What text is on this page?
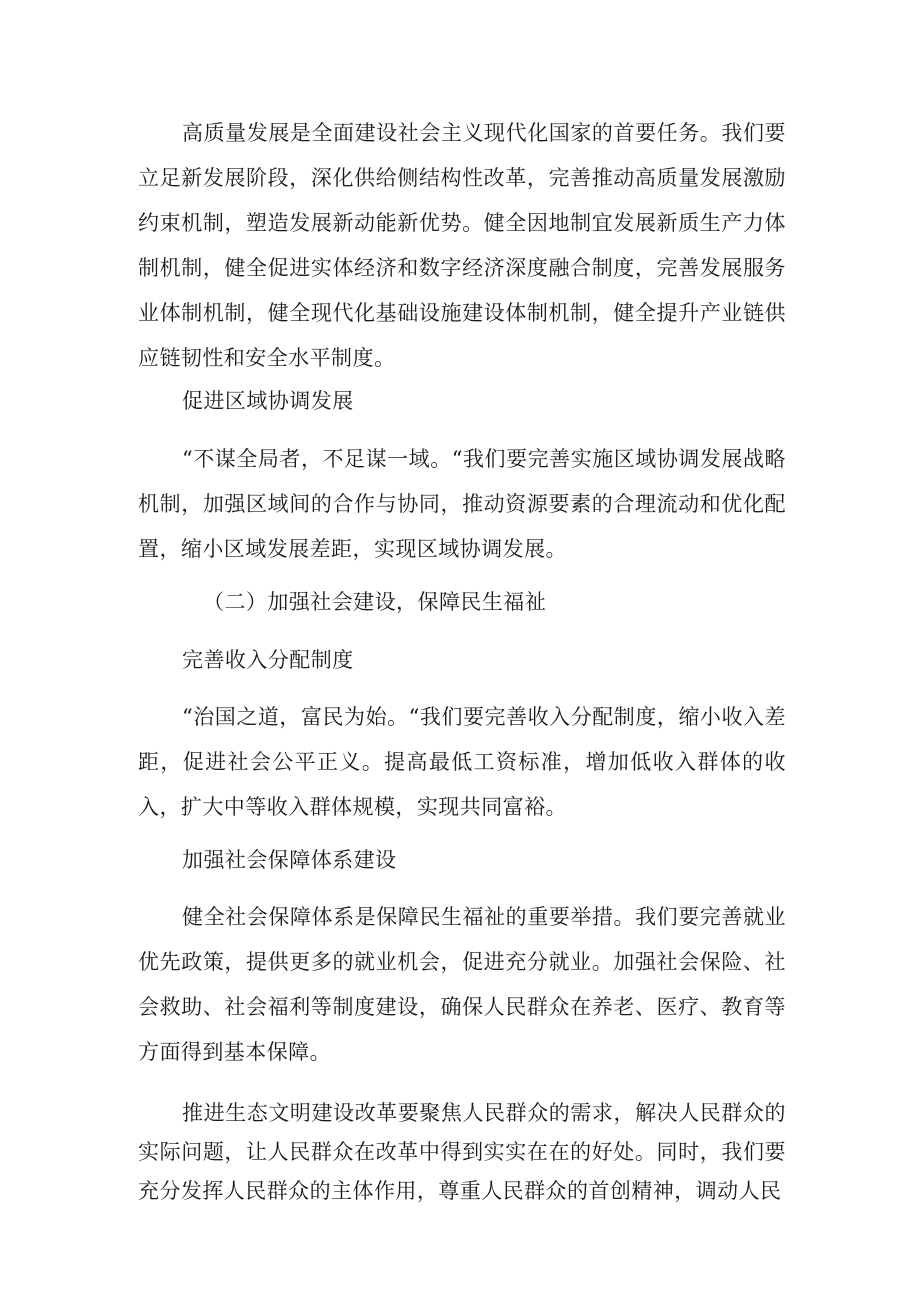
高质量发展是全面建设社会主义现代化国家的首要任务。我们要立足新发展阶段，深化供给侧结构性改革，完善推动高质量发展激励约束机制，塑造发展新动能新优势。健全因地制宜发展新质生产力体制机制，健全促进实体经济和数字经济深度融合制度，完善发展服务业体制机制，健全现代化基础设施建设体制机制，健全提升产业链供应链韧性和安全水平制度。

促进区域协调发展

“不谋全局者，不足谋一域。“我们要完善实施区域协调发展战略机制，加强区域间的合作与协同，推动资源要素的合理流动和优化配置，缩小区域发展差距，实现区域协调发展。

（二）加强社会建设，保障民生福祉

完善收入分配制度

“治国之道，富民为始。“我们要完善收入分配制度，缩小收入差距，促进社会公平正义。提高最低工资标准，增加低收入群体的收入，扩大中等收入群体规模，实现共同富裕。

加强社会保障体系建设

健全社会保障体系是保障民生福祉的重要举措。我们要完善就业优先政策，提供更多的就业机会，促进充分就业。加强社会保险、社会救助、社会福利等制度建设，确保人民群众在养老、医疗、教育等方面得到基本保障。

推进生态文明建设改革要聚焦人民群众的需求，解决人民群众的实际问题，让人民群众在改革中得到实实在在的好处。同时，我们要充分发挥人民群众的主体作用，尊重人民群众的首创精神，调动人民
